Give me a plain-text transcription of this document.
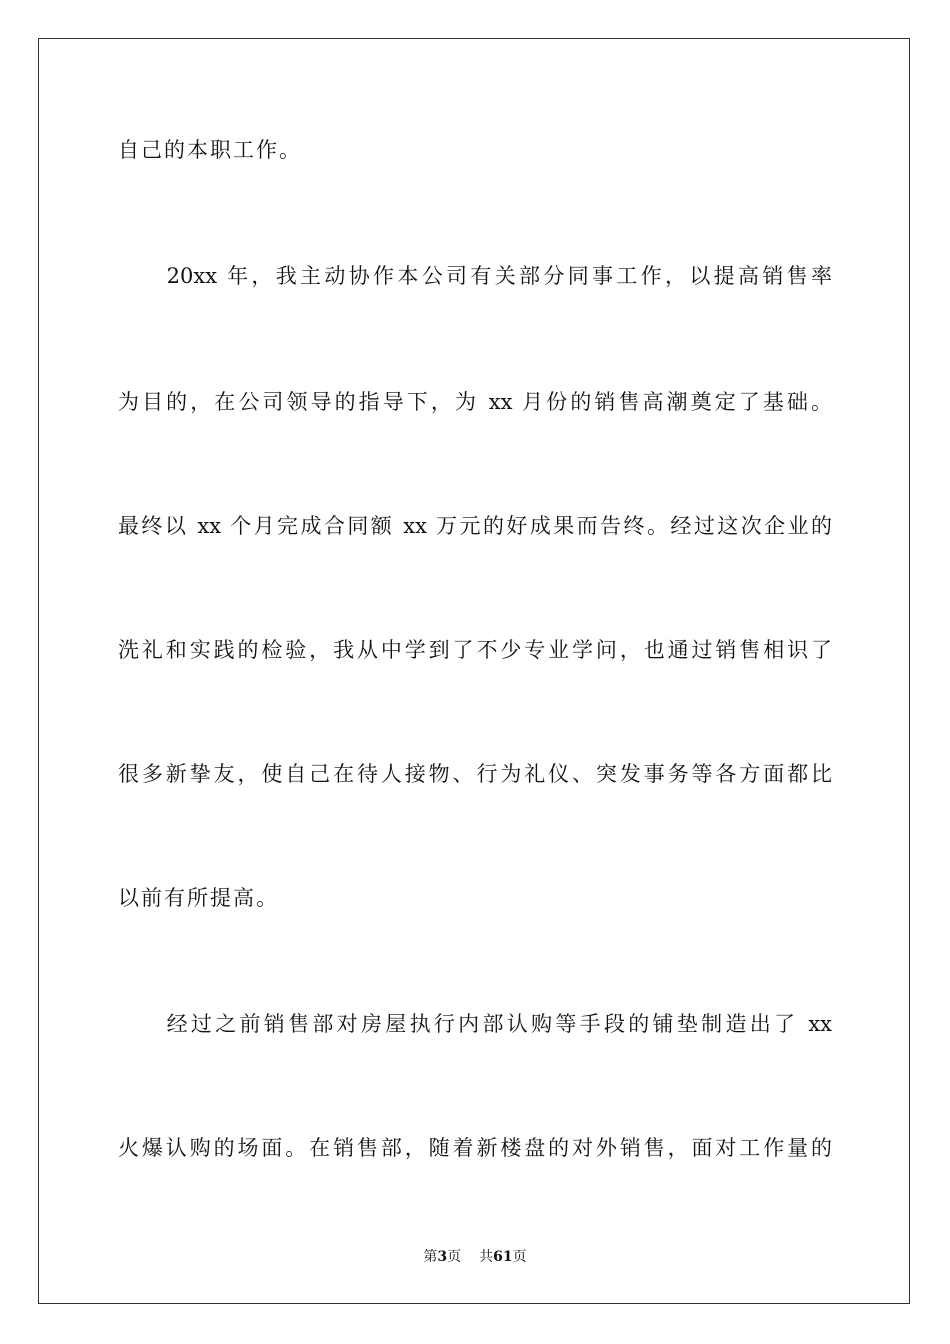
自己的本职工作。
　　20xx 年，我主动协作本公司有关部分同事工作，以提高销售率
为目的，在公司领导的指导下，为 xx 月份的销售高潮奠定了基础。
最终以 xx 个月完成合同额 xx 万元的好成果而告终。经过这次企业的
洗礼和实践的检验，我从中学到了不少专业学问，也通过销售相识了
很多新挚友，使自己在待人接物、行为礼仪、突发事务等各方面都比
以前有所提高。
　　经过之前销售部对房屋执行内部认购等手段的铺垫制造出了 xx
火爆认购的场面。在销售部，随着新楼盘的对外销售，面对工作量的
第3页 共61页
